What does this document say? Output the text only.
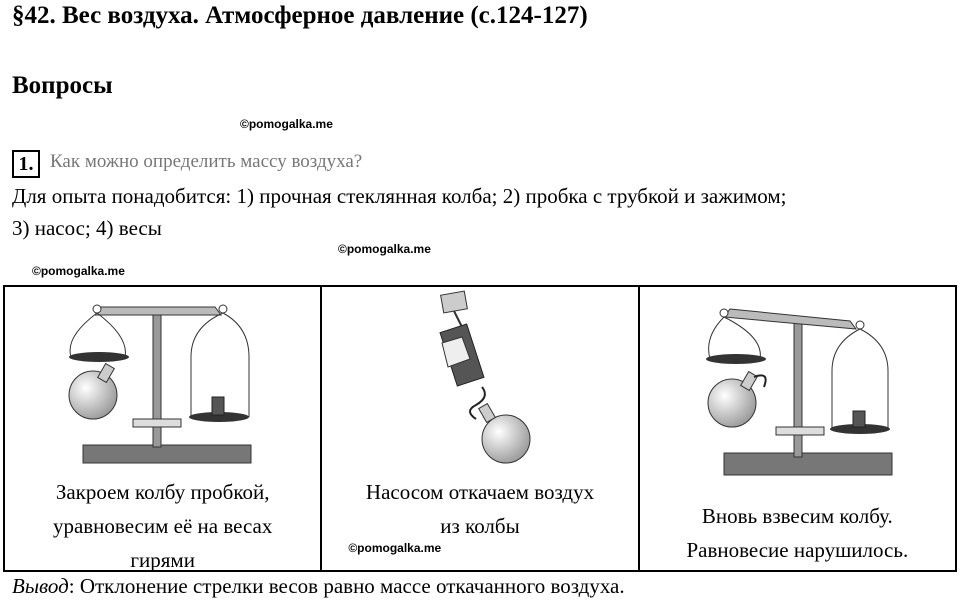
§42. Вес воздуха. Атмосферное давление (с.124-127)
Вопросы
©pomogalka.me
1. Как можно определить массу воздуха?
Для опыта понадобится: 1) прочная стеклянная колба; 2) пробка с трубкой и зажимом;
3) насос; 4) весы
©pomogalka.me
©pomogalka.me
Закроем колбу пробкой,
уравновесим её на весах
гирями

Насосом откачаем воздух
из колбы
©pomogalka.me

Вновь взвесим колбу.
Равновесие нарушилось.
Вывод: Отклонение стрелки весов равно массе откачанного воздуха.
